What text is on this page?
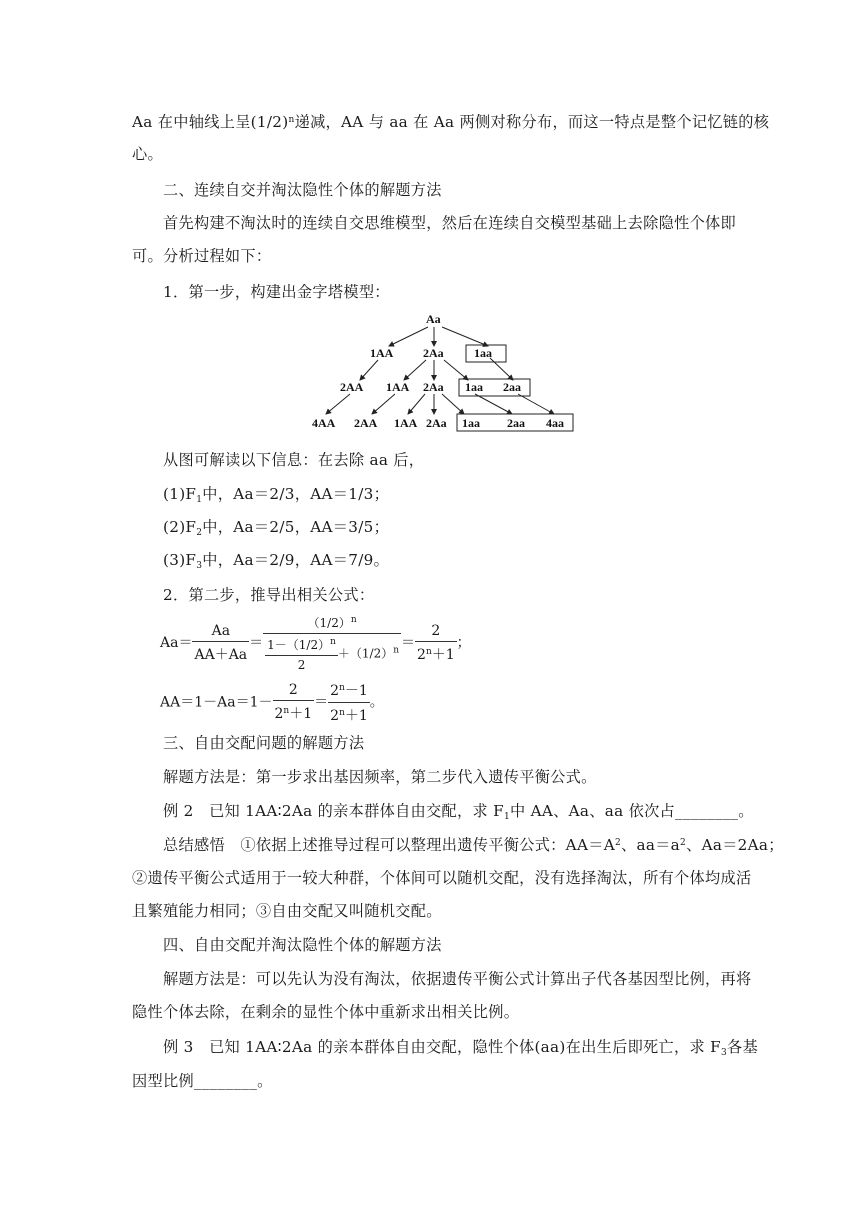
Aa 在中轴线上呈$(1/2)^n$递减，AA 与 aa 在 Aa 两侧对称分布，而这一特点是整个记忆链的核
心。
二、连续自交并淘汰隐性个体的解题方法
首先构建不淘汰时的连续自交思维模型，然后在连续自交模型基础上去除隐性个体即
可。分析过程如下：
1．第一步，构建出金字塔模型：
Aa
1AA 2Aa	1aa
2AA 1AA 2Aa 1aa 2aa
4AA 2AA 1AA 2Aa 1aa 2aa 4aa
从图可解读以下信息：在去除 aa 后，
$(1)F_1$中，Aa＝2/3，AA＝1/3；
$(2)F_2$中，Aa＝2/5，AA＝3/5；
$(3)F_3$中，Aa＝2/9，AA＝7/9。
2．第二步，推导出相关公式：
$Aa= \frac{Aa}{AA+Aa} = \frac{(1/2)^n}{\frac{1-(1/2)^n}{2} +(1/2)^n} = \frac{2}{2^n+1}$ ；
$AA=1-Aa=1- \frac{2}{2^n+1} = \frac{2^n-1}{2^n+1}$ 。
三、自由交配问题的解题方法
解题方法是：第一步求出基因频率，第二步代入遗传平衡公式。
例 2　已知 1AA∶2Aa 的亲本群体自由交配，求 $F_1$中 AA、Aa、aa 依次占________。
总结感悟　①依据上述推导过程可以整理出遗传平衡公式：$AA=A^2$、$aa=a^2$、Aa＝2Aa；
②遗传平衡公式适用于一较大种群，个体间可以随机交配，没有选择淘汰，所有个体均成活
且繁殖能力相同；③自由交配又叫随机交配。
四、自由交配并淘汰隐性个体的解题方法
解题方法是：可以先认为没有淘汰，依据遗传平衡公式计算出子代各基因型比例，再将
隐性个体去除，在剩余的显性个体中重新求出相关比例。
例 3　已知 1AA∶2Aa 的亲本群体自由交配，隐性个体(aa)在出生后即死亡，求 $F_3$各基
因型比例________。
